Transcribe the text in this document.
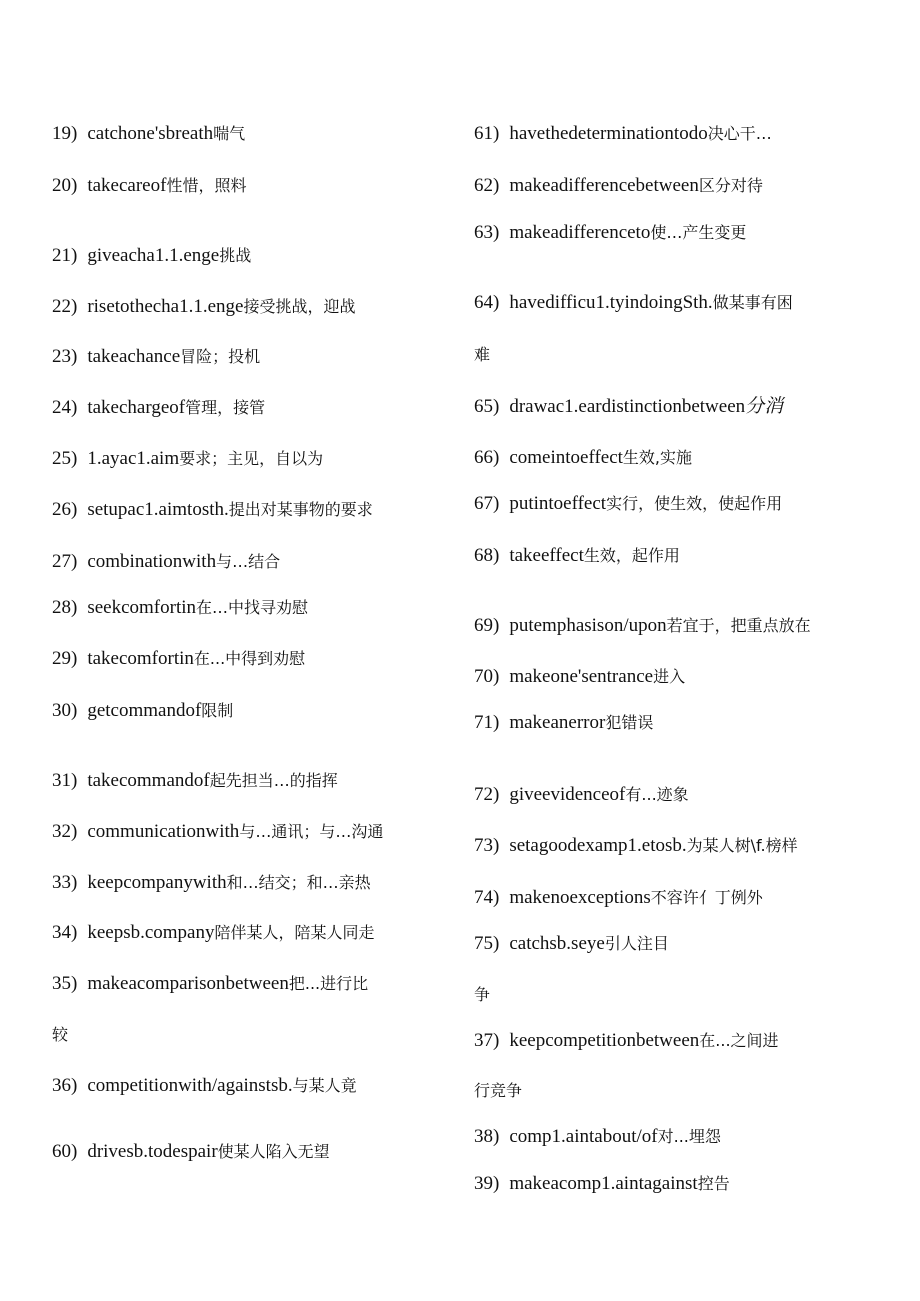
19) catchone'sbreath喘气
20) takecareof性惜，照料
21) giveacha1.1.enge挑战
22) risetothecha1.1.enge接受挑战，迎战
23) takeachance冒险；投机
24) takechargeof管理，接管
25) 1.ayac1.aim要求；主见，自以为
26) setupac1.aimtosth.提出对某事物的要求
27) combinationwith与…结合
28) seekcomfortin在…中找寻劝慰
29) takecomfortin在...中得到劝慰
30) getcommandof限制
31) takecommandof起先担当…的指挥
32) communicationwith与…通讯；与…沟通
33) keepcompanywith和…结交；和…亲热
34) keepsb.company陪伴某人，陪某人同走
35) makeacomparisonbetween把...进行比
较
36) competitionwith/againstsb.与某人竟
60) drivesb.todespair使某人陷入无望
61) havethedeterminationtodo决心干…
62) makeadifferencebetween区分对待
63) makeadifferenceto使…产生变更
64) havedifficu1.tyindoingSth.做某事有困
难
65) drawac1.eardistinctionbetween分消
66) comeintoeffect生效,实施
67) putintoeffect实行，使生效，使起作用
68) takeeffect生效，起作用
69) putemphasison/upon若宜于，把重点放在
70) makeone'sentrance进入
71) makeanerror犯错误
72) giveevidenceof有...迹象
73) setagoodexamp1.etosb.为某人树\f.榜样
74) makenoexceptions不容许亻丁例外
75) catchsb.seye引人注目
争
37) keepcompetitionbetween在...之间进
行竞争
38) comp1.aintabout/of对...埋怨
39) makeacomp1.aintagainst控告
